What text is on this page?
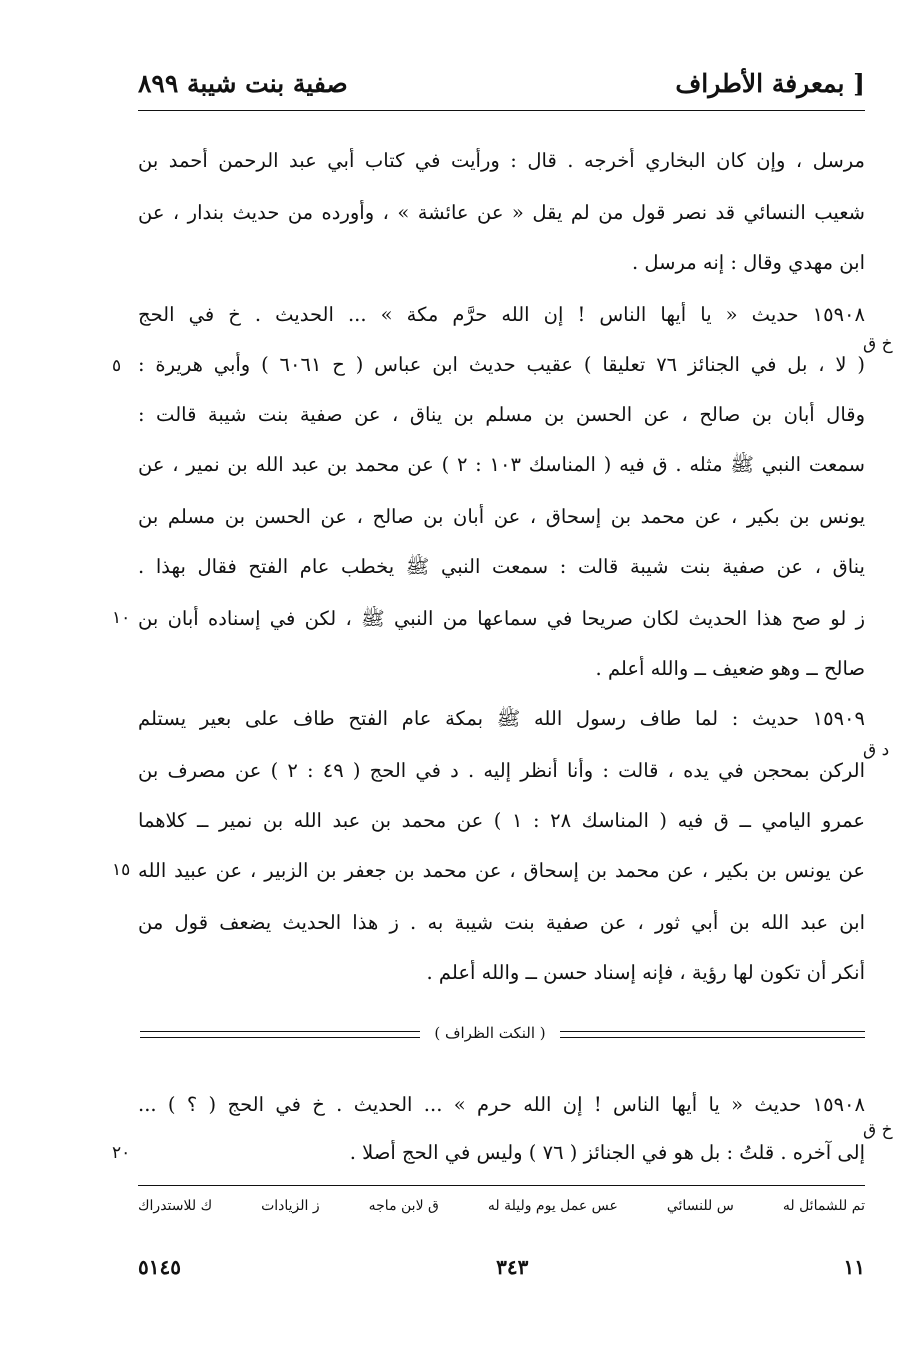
صفية بنت شيبة ٨٩٩	بمعرفة الأطراف ]
مرسل ، وإن كان البخاري أخرجه . قال : ورأيت في كتاب أبي عبد الرحمن أحمد بن
شعيب النسائي قد نصر قول من لم يقل « عن عائشة » ، وأورده من حديث بندار ، عن
ابن مهدي وقال : إنه مرسل .
١٥٩٠٨ حديث « يا أيها الناس ! إن الله حرَّم مكة » ... الحديث . خ في الحج
( لا ، بل في الجنائز ٧٦ تعليقا ) عقيب حديث ابن عباس ( ح ٦٠٦١ ) وأبي هريرة :
وقال أبان بن صالح ، عن الحسن بن مسلم بن يناق ، عن صفية بنت شيبة قالت :
سمعت النبي ﷺ مثله . ق فيه ( المناسك ١٠٣ : ٢ ) عن محمد بن عبد الله بن نمير ، عن
يونس بن بكير ، عن محمد بن إسحاق ، عن أبان بن صالح ، عن الحسن بن مسلم بن
يناق ، عن صفية بنت شيبة قالت : سمعت النبي ﷺ يخطب عام الفتح فقال بهذا .
ز لو صح هذا الحديث لكان صريحا في سماعها من النبي ﷺ ، لكن في إسناده أبان بن
صالح ــ وهو ضعيف ــ والله أعلم .
١٥٩٠٩ حديث : لما طاف رسول الله ﷺ بمكة عام الفتح طاف على بعير يستلم
الركن بمحجن في يده ، قالت : وأنا أنظر إليه . د في الحج ( ٤٩ : ٢ ) عن مصرف بن
عمرو اليامي ــ ق فيه ( المناسك ٢٨ : ١ ) عن محمد بن عبد الله بن نمير ــ كلاهما
عن يونس بن بكير ، عن محمد بن إسحاق ، عن محمد بن جعفر بن الزبير ، عن عبيد الله
ابن عبد الله بن أبي ثور ، عن صفية بنت شيبة به . ز هذا الحديث يضعف قول من
أنكر أن تكون لها رؤية ، فإنه إسناد حسن ــ والله أعلم .
( النكت الظراف )
١٥٩٠٨ حديث « يا أيها الناس ! إن الله حرم » ... الحديث . خ في الحج ( ؟ ) ...
إلى آخره . قلتُ : بل هو في الجنائز ( ٧٦ ) وليس في الحج أصلا .
خ ق
د ق
خ ق
٥
١٠
١٥
٢٠
تم للشمائل له
س للنسائي
عس عمل يوم وليلة له
ق لابن ماجه
ز الزيادات
ك للاستدراك
٥١٤٥	٣٤٣	١١
